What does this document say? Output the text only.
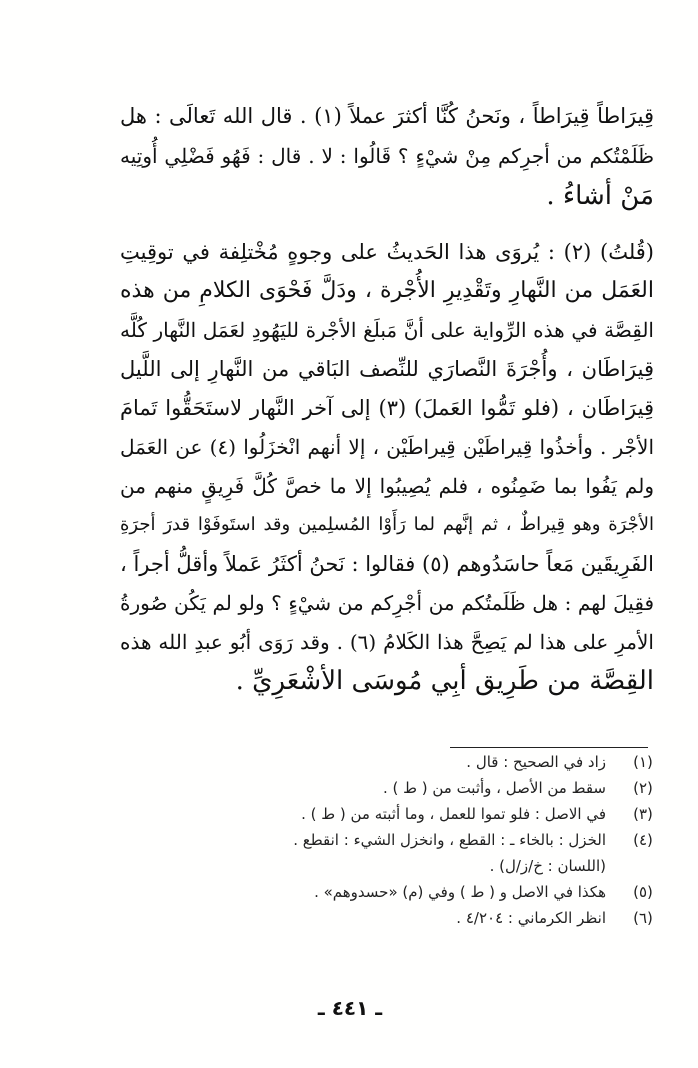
قِيرَاطاً قِيرَاطاً ، ونَحنُ كُنَّا أكثرَ عملاً (١) . قال الله تَعالَى : هل
ظَلَمْتُكم من أجرِكم مِنْ شيْءٍ ؟ قَالُوا : لا . قال : فَهُو فَضْلِي أُوتِيه
مَنْ أشاءُ .
(قُلتُ) (٢) : يُروَى هذا الحَديثُ على وجوهٍ مُخْتلِفة في توقِيتِ
العَمَل من النَّهارِ وتَقْدِيرِ الأُجْرة ، ودَلَّ فَحْوَى الكلامِ من هذه
القِصَّة في هذه الرِّواية على أنَّ مَبلَغ الأجْرة لليَهُودِ لعَمَل النَّهار كُلَّه
قِيرَاطَان ، وأُجْرَةَ النَّصارَي للنِّصف البَاقي من النَّهارِ إلى اللَّيل
قِيرَاطَان ، (فلو تَمُّوا العَملَ) (٣) إلى آخر النَّهار لاستَحَقُّوا تَمامَ
الأجْر . وأخذُوا قِيراطَيْن قِيراطَيْن ، إلا أنهم انْخزَلُوا (٤) عن العَمَل
ولم يَفُوا بما ضَمِنُوه ، فلم يُصِيبُوا إلا ما خصَّ كُلَّ فَرِيقٍ منهم من
الأجْرَة وهو قِيراطٌ ، ثم إنَّهم لما رَأَوْا المُسلِمين وقد استَوفَوْا قدرَ أجرَةِ
الفَرِيقَين مَعاً حاسَدُوهم (٥) فقالوا : نَحنُ أكثَرُ عَملاً وأقلُّ أجراً ،
فقِيلَ لهم : هل ظَلَمتُكم من أجْرِكم من شيْءٍ ؟ ولو لم يَكُن صُورةُ
الأمرِ على هذا لم يَصِحَّ هذا الكَلامُ (٦) . وقد رَوَى أبُو عبدِ الله هذه
القِصَّة من طَرِيق أبِي مُوسَى الأشْعَرِيِّ .
(١)
زاد في الصحيح : قال .
(٢)
سقط من الأصل ، وأثبت من ( ط ) .
(٣)
في الاصل : فلو تموا للعمل ، وما أثبته من ( ط ) .
(٤)
الخزل : بالخاء ـ : القطع ، وانخزل الشيء : انقطع .
(اللسان : خ/ز/ل) .
(٥)
هكذا في الاصل و ( ط ) وفي (م) «حسدوهم» .
(٦)
انظر الكرماني : ٤/٢٠٤ .
ـ ٤٤١ ـ
